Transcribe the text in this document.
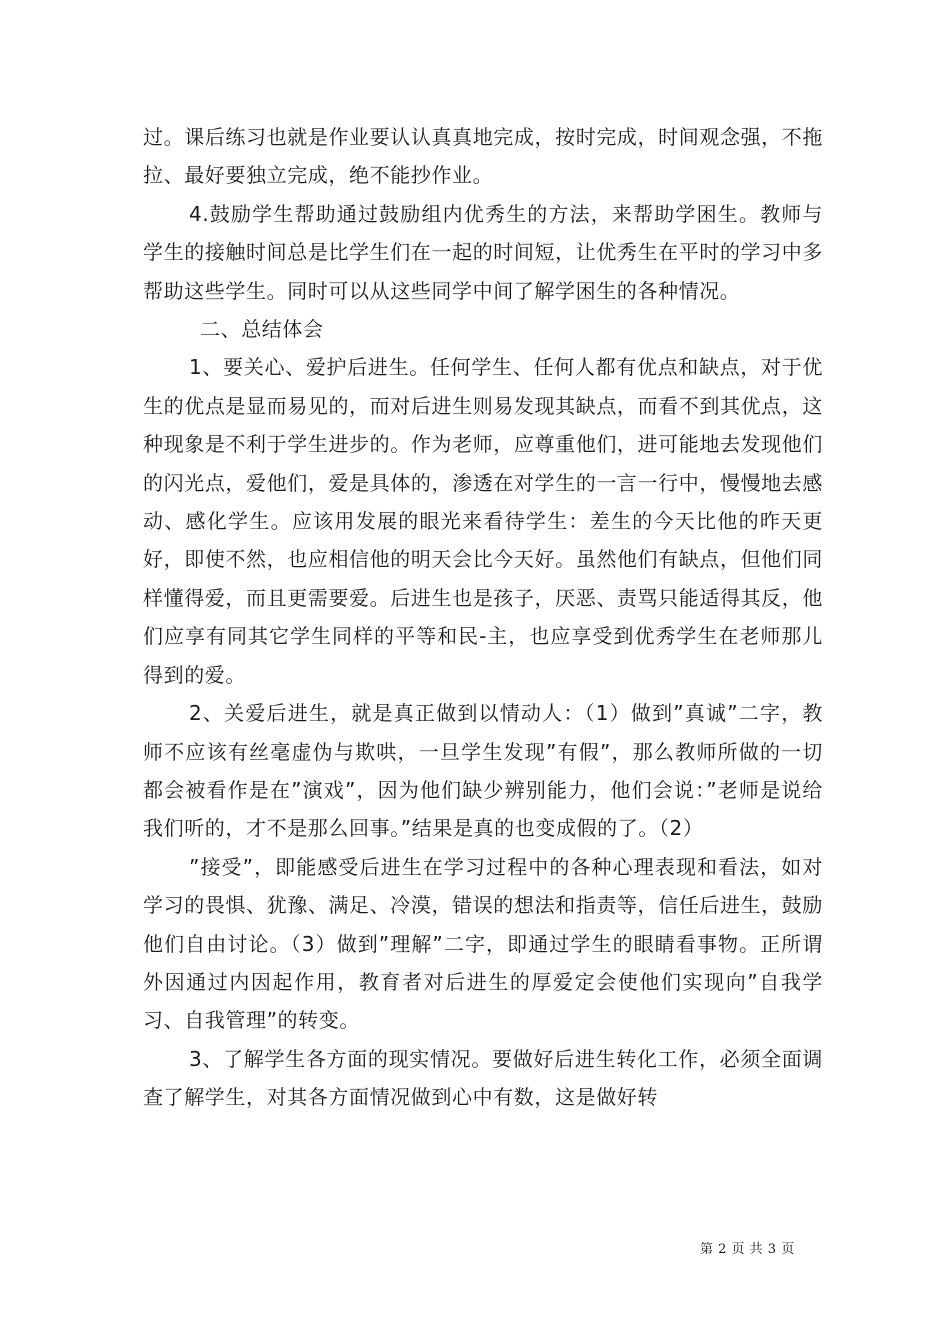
过。课后练习也就是作业要认认真真地完成，按时完成，时间观念强，不拖拉、最好要独立完成，绝不能抄作业。

4.鼓励学生帮助通过鼓励组内优秀生的方法，来帮助学困生。教师与学生的接触时间总是比学生们在一起的时间短，让优秀生在平时的学习中多帮助这些学生。同时可以从这些同学中间了解学困生的各种情况。

二、总结体会

1、要关心、爱护后进生。任何学生、任何人都有优点和缺点，对于优生的优点是显而易见的，而对后进生则易发现其缺点，而看不到其优点，这种现象是不利于学生进步的。作为老师，应尊重他们，进可能地去发现他们的闪光点，爱他们，爱是具体的，渗透在对学生的一言一行中，慢慢地去感动、感化学生。应该用发展的眼光来看待学生：差生的今天比他的昨天更好，即使不然，也应相信他的明天会比今天好。虽然他们有缺点，但他们同样懂得爱，而且更需要爱。后进生也是孩子，厌恶、责骂只能适得其反，他们应享有同其它学生同样的平等和民-主，也应享受到优秀学生在老师那儿得到的爱。

2、关爱后进生，就是真正做到以情动人：（1）做到”真诚”二字，教师不应该有丝毫虚伪与欺哄，一旦学生发现”有假”，那么教师所做的一切都会被看作是在”演戏”，因为他们缺少辨别能力，他们会说：”老师是说给我们听的，才不是那么回事。”结果是真的也变成假的了。（2）

”接受”，即能感受后进生在学习过程中的各种心理表现和看法，如对学习的畏惧、犹豫、满足、冷漠，错误的想法和指责等，信任后进生，鼓励他们自由讨论。（3）做到”理解”二字，即通过学生的眼睛看事物。正所谓外因通过内因起作用，教育者对后进生的厚爱定会使他们实现向”自我学习、自我管理”的转变。

3、了解学生各方面的现实情况。要做好后进生转化工作，必须全面调查了解学生，对其各方面情况做到心中有数，这是做好转

第 2 页 共 3 页
